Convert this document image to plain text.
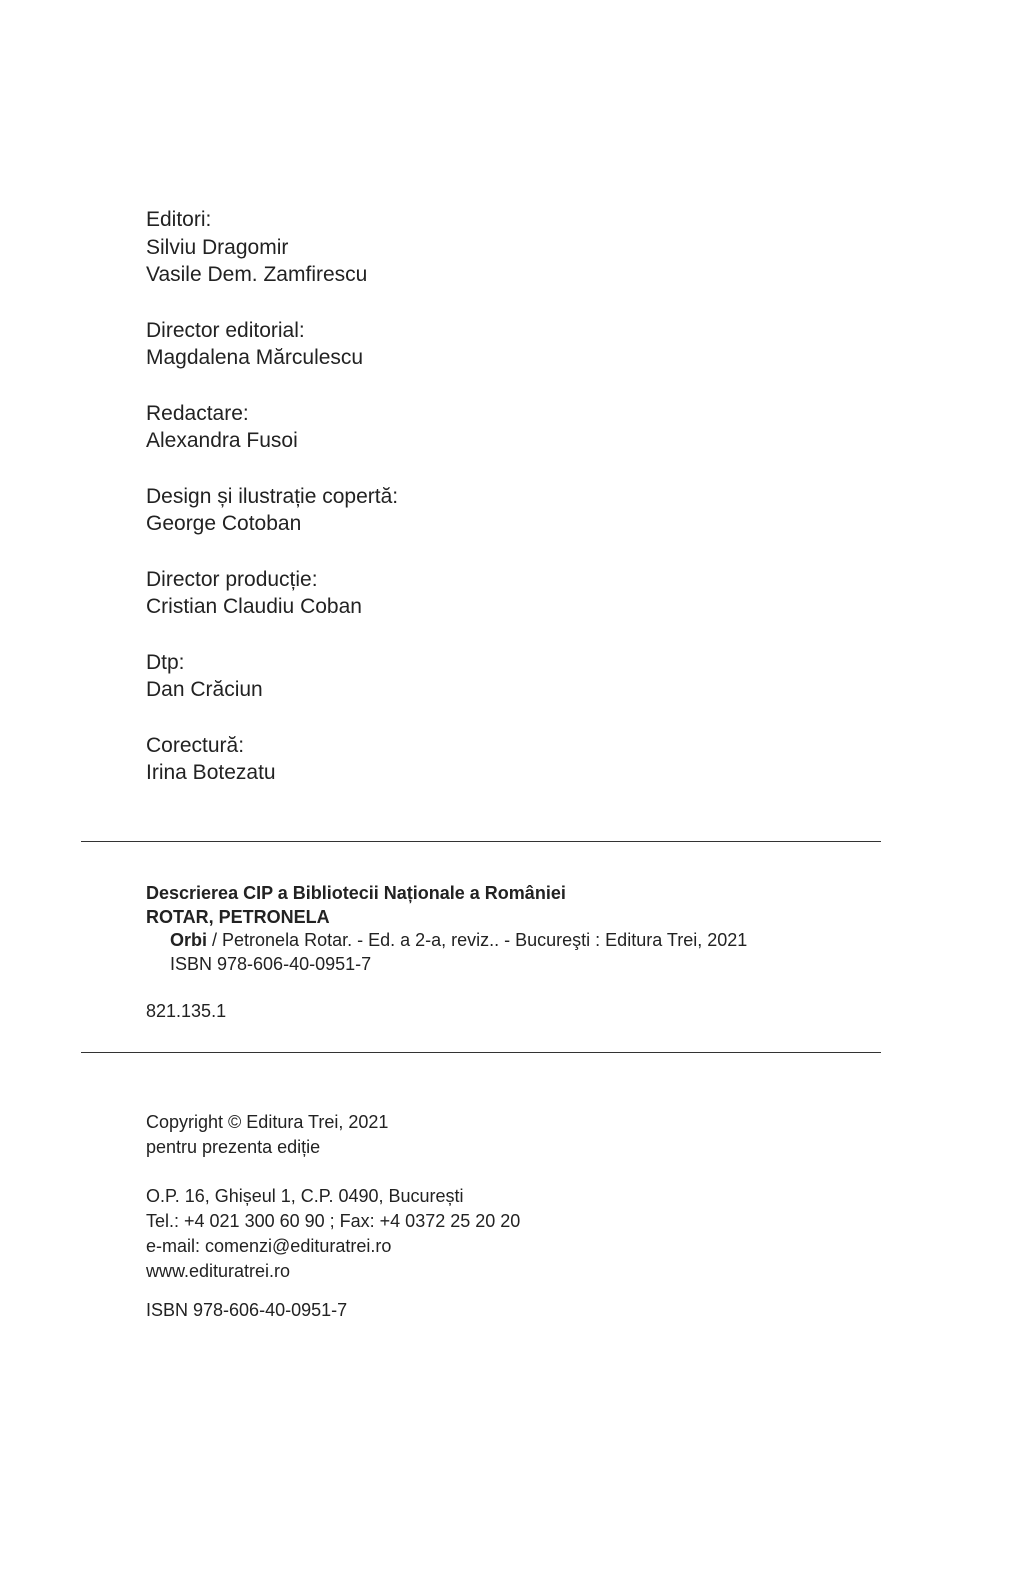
Editori:
Silviu Dragomir
Vasile Dem. Zamfirescu
Director editorial:
Magdalena Mărculescu
Redactare:
Alexandra Fusoi
Design și ilustrație copertă:
George Cotoban
Director producție:
Cristian Claudiu Coban
Dtp:
Dan Crăciun
Corectură:
Irina Botezatu
Descrierea CIP a Bibliotecii Naționale a României
ROTAR, PETRONELA
Orbi / Petronela Rotar. - Ed. a 2-a, reviz.. - Bucureşti : Editura Trei, 2021
ISBN 978-606-40-0951-7
821.135.1
Copyright © Editura Trei, 2021
pentru prezenta ediție
O.P. 16, Ghișeul 1, C.P. 0490, București
Tel.: +4 021 300 60 90 ; Fax: +4 0372 25 20 20
e-mail: comenzi@edituratrei.ro
www.edituratrei.ro
ISBN 978-606-40-0951-7
